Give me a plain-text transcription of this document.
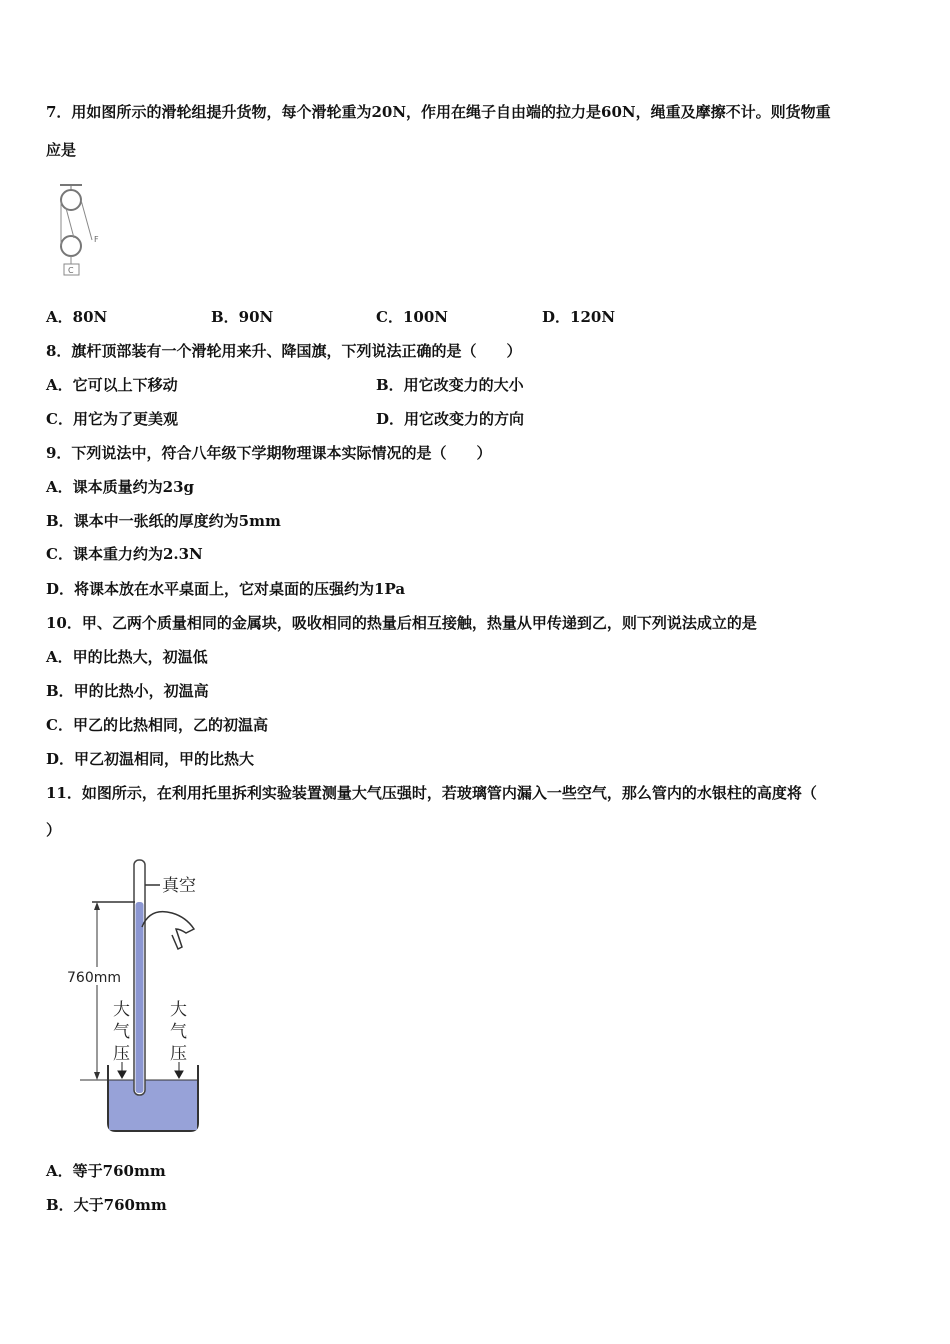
7．用如图所示的滑轮组提升货物，每个滑轮重为20N，作用在绳子自由端的拉力是60N，绳重及摩擦不计。则货物重
应是
C
F
A．80N	B．90N	C．100N	D．120N
8．旗杆顶部装有一个滑轮用来升、降国旗，下列说法正确的是（　　）
A．它可以上下移动	B．用它改变力的大小
C．用它为了更美观	D．用它改变力的方向
9．下列说法中，符合八年级下学期物理课本实际情况的是（　　）
A．课本质量约为23g
B．课本中一张纸的厚度约为5mm
C．课本重力约为2.3N
D．将课本放在水平桌面上，它对桌面的压强约为1Pa
10．甲、乙两个质量相同的金属块，吸收相同的热量后相互接触，热量从甲传递到乙，则下列说法成立的是
A．甲的比热大，初温低
B．甲的比热小，初温高
C．甲乙的比热相同，乙的初温高
D．甲乙初温相同，甲的比热大
11．如图所示，在利用托里拆利实验装置测量大气压强时，若玻璃管内漏入一些空气，那么管内的水银柱的高度将（
）
真空
760mm
大
气
压
大
气
压
A．等于760mm
B．大于760mm
